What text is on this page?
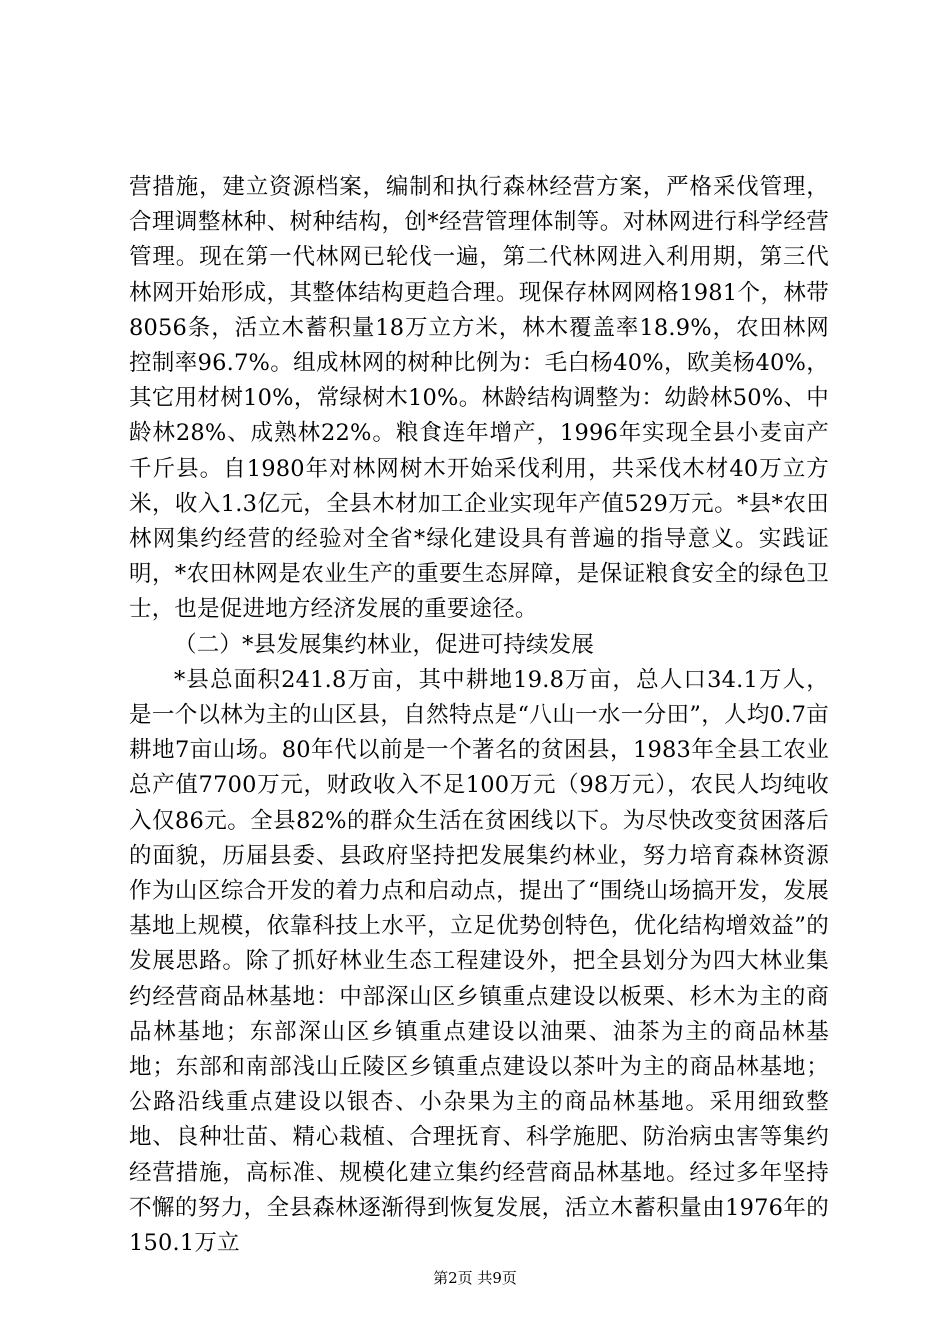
营措施，建立资源档案，编制和执行森林经营方案，严格采伐管理，合理调整林种、树种结构，创*经营管理体制等。对林网进行科学经营管理。现在第一代林网已轮伐一遍，第二代林网进入利用期，第三代林网开始形成，其整体结构更趋合理。现保存林网网格1981个，林带8056条，活立木蓄积量18万立方米，林木覆盖率18.9%，农田林网控制率96.7%。组成林网的树种比例为：毛白杨40%，欧美杨40%，其它用材树10%，常绿树木10%。林龄结构调整为：幼龄林50%、中龄林28%、成熟林22%。粮食连年增产，1996年实现全县小麦亩产千斤县。自1980年对林网树木开始采伐利用，共采伐木材40万立方米，收入1.3亿元，全县木材加工企业实现年产值529万元。*县*农田林网集约经营的经验对全省*绿化建设具有普遍的指导意义。实践证明，*农田林网是农业生产的重要生态屏障，是保证粮食安全的绿色卫士，也是促进地方经济发展的重要途径。

（二）*县发展集约林业，促进可持续发展

*县总面积241.8万亩，其中耕地19.8万亩，总人口34.1万人，是一个以林为主的山区县，自然特点是“八山一水一分田”，人均0.7亩耕地7亩山场。80年代以前是一个著名的贫困县，1983年全县工农业总产值7700万元，财政收入不足100万元（98万元），农民人均纯收入仅86元。全县82%的群众生活在贫困线以下。为尽快改变贫困落后的面貌，历届县委、县政府坚持把发展集约林业，努力培育森林资源作为山区综合开发的着力点和启动点，提出了“围绕山场搞开发，发展基地上规模，依靠科技上水平，立足优势创特色，优化结构增效益”的发展思路。除了抓好林业生态工程建设外，把全县划分为四大林业集约经营商品林基地：中部深山区乡镇重点建设以板栗、杉木为主的商品林基地；东部深山区乡镇重点建设以油栗、油茶为主的商品林基地；东部和南部浅山丘陵区乡镇重点建设以茶叶为主的商品林基地；公路沿线重点建设以银杏、小杂果为主的商品林基地。采用细致整地、良种壮苗、精心栽植、合理抚育、科学施肥、防治病虫害等集约经营措施，高标准、规模化建立集约经营商品林基地。经过多年坚持不懈的努力，全县森林逐渐得到恢复发展，活立木蓄积量由1976年的150.1万立

第2页 共9页
